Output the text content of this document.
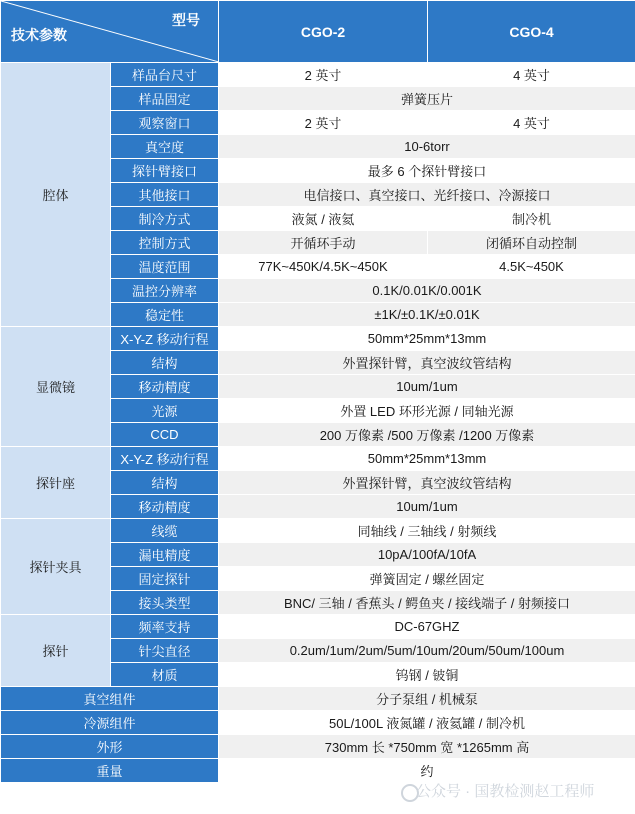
型号
技术参数		CGO-2	CGO-4
腔体	样品台尺寸	2 英寸	4 英寸
	样品固定	弹簧压片	
	观察窗口	2 英寸	4 英寸
	真空度	10-6torr	
	探针臂接口	最多 6 个探针臂接口	
	其他接口	电信接口、真空接口、光纤接口、冷源接口	
	制冷方式	液氮 / 液氦	制冷机
	控制方式	开循环手动	闭循环自动控制
	温度范围	77K~450K/4.5K~450K	4.5K~450K
	温控分辨率	0.1K/0.01K/0.001K	
	稳定性	±1K/±0.1K/±0.01K	
显微镜	X-Y-Z 移动行程	50mm*25mm*13mm	
	结构	外置探针臂，真空波纹管结构	
	移动精度	10um/1um	
	光源	外置 LED 环形光源 / 同轴光源	
	CCD	200 万像素 /500 万像素 /1200 万像素	
探针座	X-Y-Z 移动行程	50mm*25mm*13mm	
	结构	外置探针臂，真空波纹管结构	
	移动精度	10um/1um	
探针夹具	线缆	同轴线 / 三轴线 / 射频线	
	漏电精度	10pA/100fA/10fA	
	固定探针	弹簧固定 / 螺丝固定	
	接头类型	BNC/ 三轴 / 香蕉头 / 鳄鱼夹 / 接线端子 / 射频接口	
探针	频率支持	DC-67GHZ	
	针尖直径	0.2um/1um/2um/5um/10um/20um/50um/100um	
	材质	钨钢 / 铍铜	
真空组件		分子泵组 / 机械泵	
冷源组件		50L/100L 液氮罐 / 液氦罐 / 制冷机	
外形		730mm 长 *750mm 宽 *1265mm 高	
重量		约	
公众号 · 国教检测赵工程师
